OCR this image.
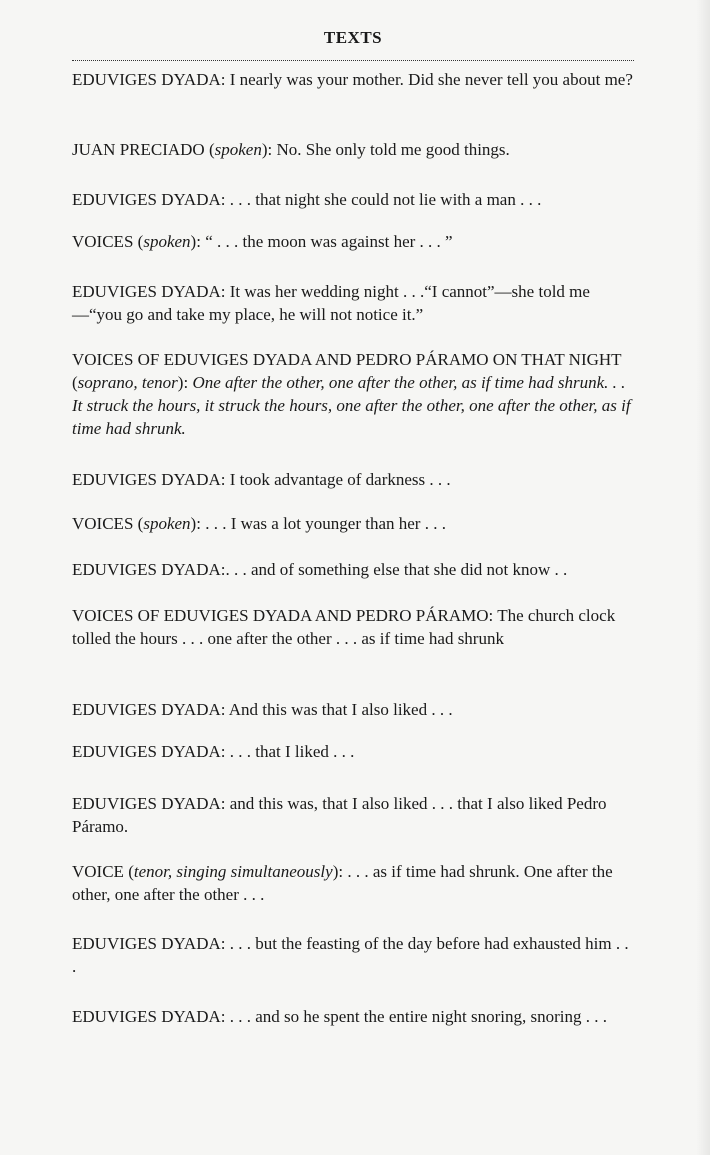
TEXTS
EDUVIGES DYADA: I nearly was your mother. Did she never tell you about me?
JUAN PRECIADO (spoken): No. She only told me good things.
EDUVIGES DYADA: . . . that night she could not lie with a man . . .
VOICES (spoken): “ . . . the moon was against her . . . ”
EDUVIGES DYADA: It was her wedding night . . .“I cannot”—she told me—“you go and take my place, he will not notice it.”
VOICES OF EDUVIGES DYADA AND PEDRO PÁRAMO ON THAT NIGHT (soprano, tenor): One after the other, one after the other, as if time had shrunk. . . It struck the hours, it struck the hours, one after the other, one after the other, as if time had shrunk.
EDUVIGES DYADA: I took advantage of darkness . . .
VOICES (spoken): . . . I was a lot younger than her . . .
EDUVIGES DYADA:. . . and of something else that she did not know . .
VOICES OF EDUVIGES DYADA AND PEDRO PÁRAMO: The church clock tolled the hours . . . one after the other . . . as if time had shrunk
EDUVIGES DYADA: And this was that I also liked . . .
EDUVIGES DYADA: . . . that I liked . . .
EDUVIGES DYADA: and this was, that I also liked . . . that I also liked Pedro Páramo.
VOICE (tenor, singing simultaneously): . . . as if time had shrunk. One after the other, one after the other . . .
EDUVIGES DYADA: . . . but the feasting of the day before had exhausted him . . .
EDUVIGES DYADA: . . . and so he spent the entire night snoring, snoring . . .
